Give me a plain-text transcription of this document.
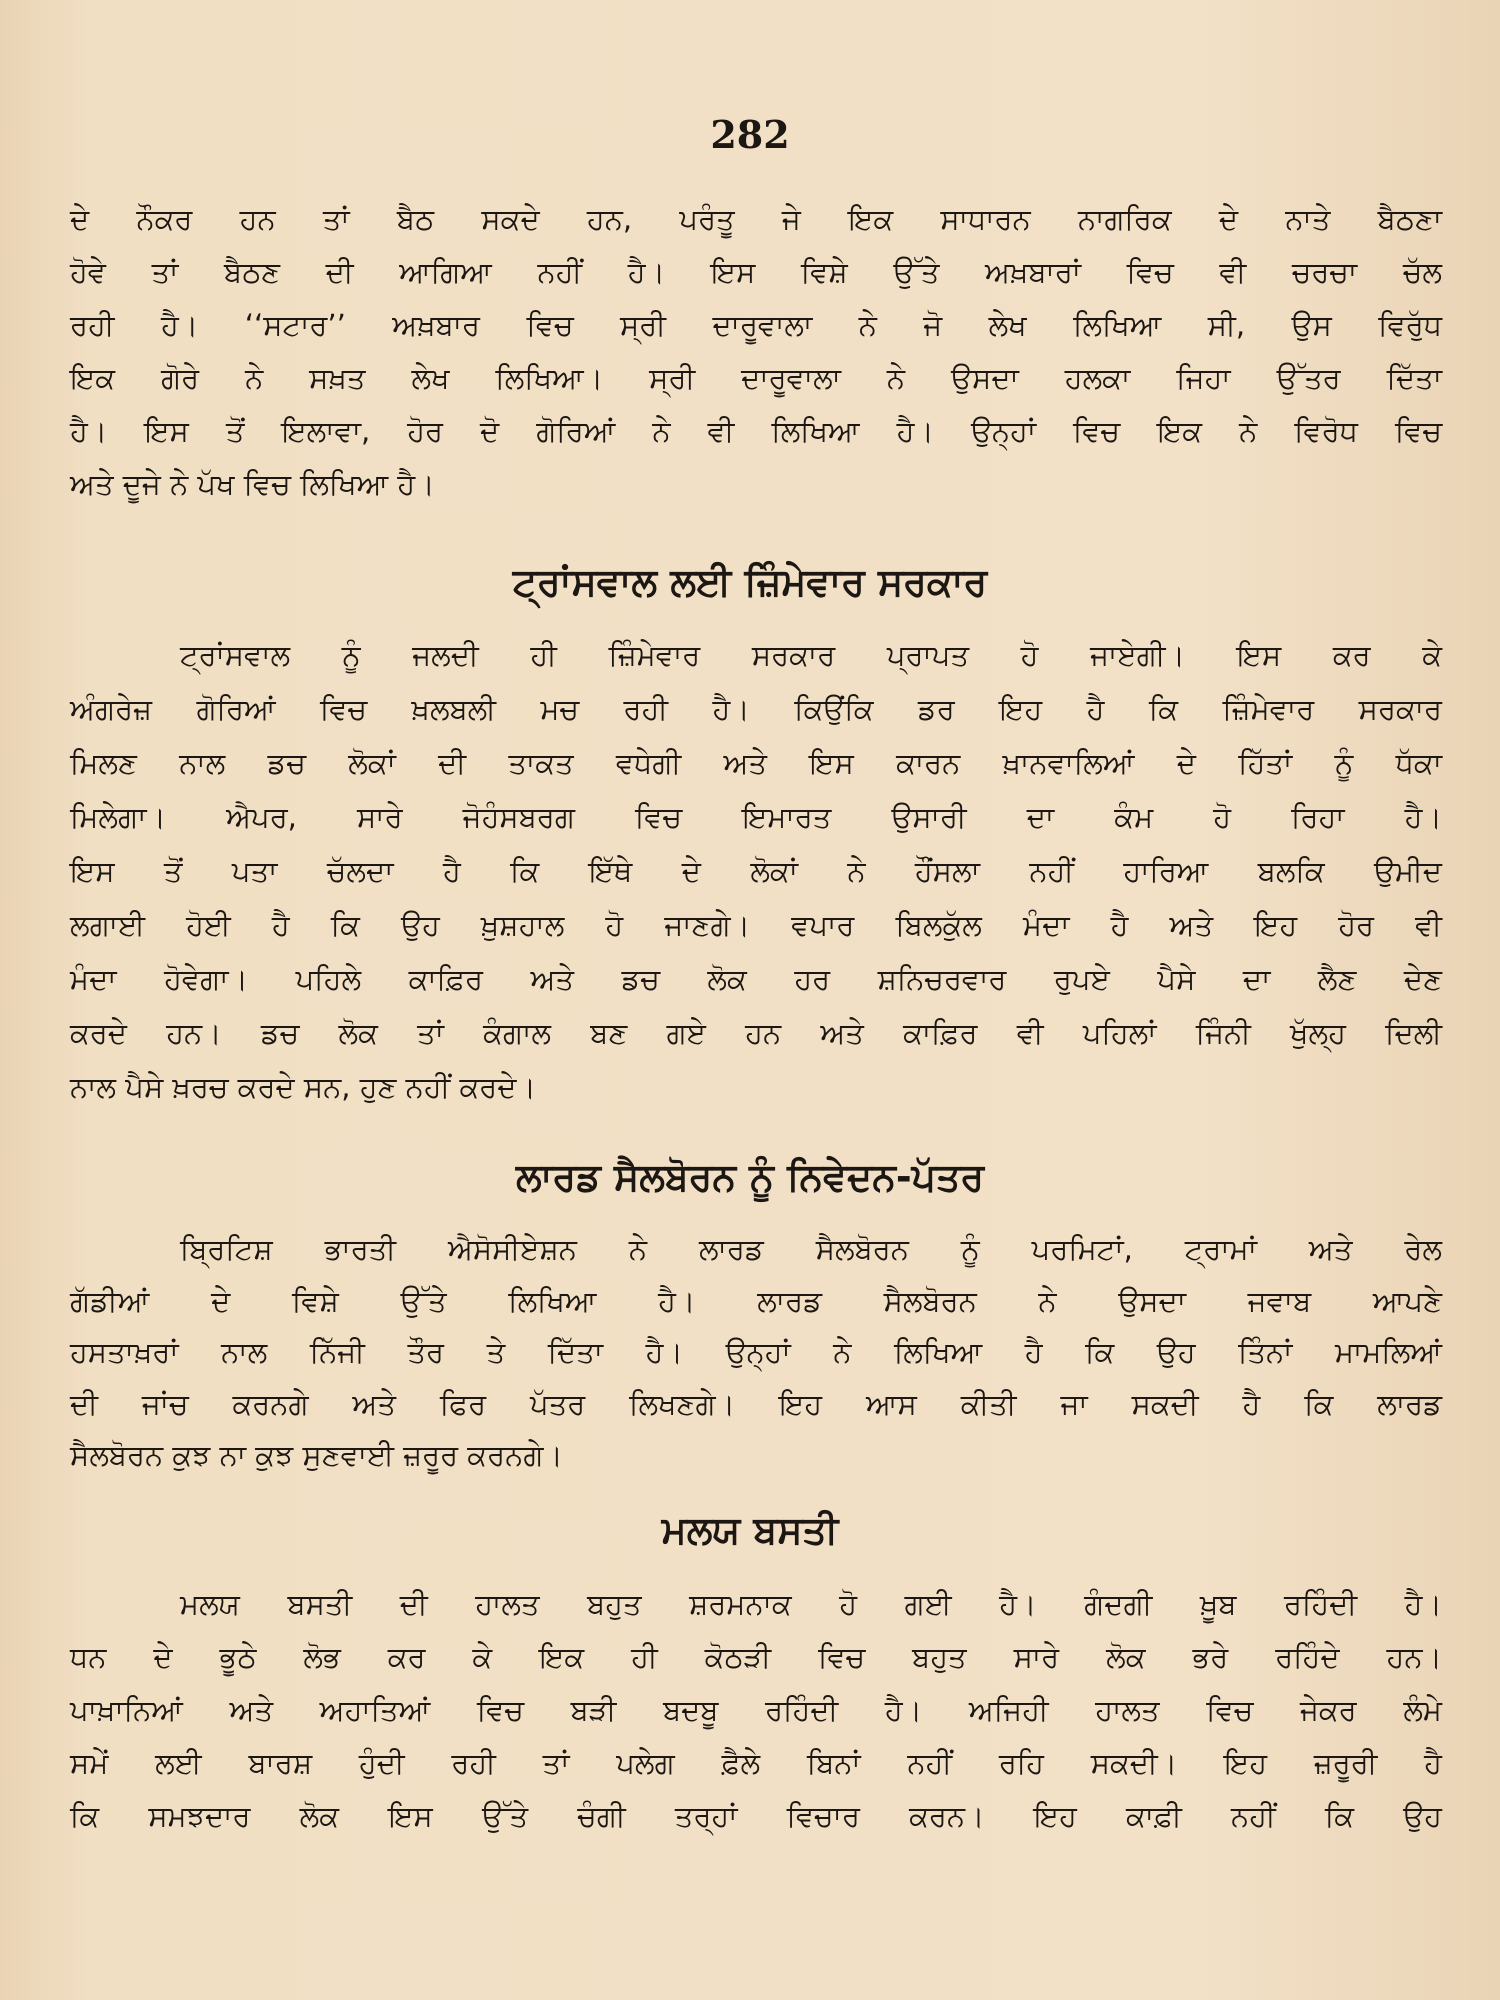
282
ਦੇ ਨੌਕਰ ਹਨ ਤਾਂ ਬੈਠ ਸਕਦੇ ਹਨ, ਪਰੰਤੂ ਜੇ ਇਕ ਸਾਧਾਰਨ ਨਾਗਰਿਕ ਦੇ ਨਾਤੇ ਬੈਠਣਾ
ਹੋਵੇ ਤਾਂ ਬੈਠਣ ਦੀ ਆਗਿਆ ਨਹੀਂ ਹੈ। ਇਸ ਵਿਸ਼ੇ ਉੱਤੇ ਅਖ਼ਬਾਰਾਂ ਵਿਚ ਵੀ ਚਰਚਾ ਚੱਲ
ਰਹੀ ਹੈ। ‘‘ਸਟਾਰ’’ ਅਖ਼ਬਾਰ ਵਿਚ ਸ੍ਰੀ ਦਾਰੂਵਾਲਾ ਨੇ ਜੋ ਲੇਖ ਲਿਖਿਆ ਸੀ, ਉਸ ਵਿਰੁੱਧ
ਇਕ ਗੋਰੇ ਨੇ ਸਖ਼ਤ ਲੇਖ ਲਿਖਿਆ। ਸ੍ਰੀ ਦਾਰੂਵਾਲਾ ਨੇ ਉਸਦਾ ਹਲਕਾ ਜਿਹਾ ਉੱਤਰ ਦਿੱਤਾ
ਹੈ। ਇਸ ਤੋਂ ਇਲਾਵਾ, ਹੋਰ ਦੋ ਗੋਰਿਆਂ ਨੇ ਵੀ ਲਿਖਿਆ ਹੈ। ਉਨ੍ਹਾਂ ਵਿਚ ਇਕ ਨੇ ਵਿਰੋਧ ਵਿਚ
ਅਤੇ ਦੂਜੇ ਨੇ ਪੱਖ ਵਿਚ ਲਿਖਿਆ ਹੈ।
ਟ੍ਰਾਂਸਵਾਲ ਲਈ ਜ਼ਿੰਮੇਵਾਰ ਸਰਕਾਰ
ਟ੍ਰਾਂਸਵਾਲ ਨੂੰ ਜਲਦੀ ਹੀ ਜ਼ਿੰਮੇਵਾਰ ਸਰਕਾਰ ਪ੍ਰਾਪਤ ਹੋ ਜਾਏਗੀ। ਇਸ ਕਰ ਕੇ
ਅੰਗਰੇਜ਼ ਗੋਰਿਆਂ ਵਿਚ ਖ਼ਲਬਲੀ ਮਚ ਰਹੀ ਹੈ। ਕਿਉਂਕਿ ਡਰ ਇਹ ਹੈ ਕਿ ਜ਼ਿੰਮੇਵਾਰ ਸਰਕਾਰ
ਮਿਲਣ ਨਾਲ ਡਚ ਲੋਕਾਂ ਦੀ ਤਾਕਤ ਵਧੇਗੀ ਅਤੇ ਇਸ ਕਾਰਨ ਖ਼ਾਨਵਾਲਿਆਂ ਦੇ ਹਿੱਤਾਂ ਨੂੰ ਧੱਕਾ
ਮਿਲੇਗਾ। ਐਪਰ, ਸਾਰੇ ਜੋਹੰਸਬਰਗ ਵਿਚ ਇਮਾਰਤ ਉਸਾਰੀ ਦਾ ਕੰਮ ਹੋ ਰਿਹਾ ਹੈ।
ਇਸ ਤੋਂ ਪਤਾ ਚੱਲਦਾ ਹੈ ਕਿ ਇੱਥੇ ਦੇ ਲੋਕਾਂ ਨੇ ਹੌਂਸਲਾ ਨਹੀਂ ਹਾਰਿਆ ਬਲਕਿ ਉਮੀਦ
ਲਗਾਈ ਹੋਈ ਹੈ ਕਿ ਉਹ ਖ਼ੁਸ਼ਹਾਲ ਹੋ ਜਾਣਗੇ। ਵਪਾਰ ਬਿਲਕੁੱਲ ਮੰਦਾ ਹੈ ਅਤੇ ਇਹ ਹੋਰ ਵੀ
ਮੰਦਾ ਹੋਵੇਗਾ। ਪਹਿਲੇ ਕਾਫ਼ਿਰ ਅਤੇ ਡਚ ਲੋਕ ਹਰ ਸ਼ਨਿਚਰਵਾਰ ਰੁਪਏ ਪੈਸੇ ਦਾ ਲੈਣ ਦੇਣ
ਕਰਦੇ ਹਨ। ਡਚ ਲੋਕ ਤਾਂ ਕੰਗਾਲ ਬਣ ਗਏ ਹਨ ਅਤੇ ਕਾਫ਼ਿਰ ਵੀ ਪਹਿਲਾਂ ਜਿੰਨੀ ਖੁੱਲ੍ਹ ਦਿਲੀ
ਨਾਲ ਪੈਸੇ ਖ਼ਰਚ ਕਰਦੇ ਸਨ, ਹੁਣ ਨਹੀਂ ਕਰਦੇ।
ਲਾਰਡ ਸੈਲਬੋਰਨ ਨੂੰ ਨਿਵੇਦਨ-ਪੱਤਰ
ਬ੍ਰਿਟਿਸ਼ ਭਾਰਤੀ ਐਸੋਸੀਏਸ਼ਨ ਨੇ ਲਾਰਡ ਸੈਲਬੋਰਨ ਨੂੰ ਪਰਮਿਟਾਂ, ਟ੍ਰਾਮਾਂ ਅਤੇ ਰੇਲ
ਗੱਡੀਆਂ ਦੇ ਵਿਸ਼ੇ ਉੱਤੇ ਲਿਖਿਆ ਹੈ। ਲਾਰਡ ਸੈਲਬੋਰਨ ਨੇ ਉਸਦਾ ਜਵਾਬ ਆਪਣੇ
ਹਸਤਾਖ਼ਰਾਂ ਨਾਲ ਨਿੱਜੀ ਤੌਰ ਤੇ ਦਿੱਤਾ ਹੈ। ਉਨ੍ਹਾਂ ਨੇ ਲਿਖਿਆ ਹੈ ਕਿ ਉਹ ਤਿੰਨਾਂ ਮਾਮਲਿਆਂ
ਦੀ ਜਾਂਚ ਕਰਨਗੇ ਅਤੇ ਫਿਰ ਪੱਤਰ ਲਿਖਣਗੇ। ਇਹ ਆਸ ਕੀਤੀ ਜਾ ਸਕਦੀ ਹੈ ਕਿ ਲਾਰਡ
ਸੈਲਬੋਰਨ ਕੁਝ ਨਾ ਕੁਝ ਸੁਣਵਾਈ ਜ਼ਰੂਰ ਕਰਨਗੇ।
ਮਲਯ ਬਸਤੀ
ਮਲਯ ਬਸਤੀ ਦੀ ਹਾਲਤ ਬਹੁਤ ਸ਼ਰਮਨਾਕ ਹੋ ਗਈ ਹੈ। ਗੰਦਗੀ ਖ਼ੂਬ ਰਹਿੰਦੀ ਹੈ।
ਧਨ ਦੇ ਭੂਠੇ ਲੋਭ ਕਰ ਕੇ ਇਕ ਹੀ ਕੋਠੜੀ ਵਿਚ ਬਹੁਤ ਸਾਰੇ ਲੋਕ ਭਰੇ ਰਹਿੰਦੇ ਹਨ।
ਪਾਖ਼ਾਨਿਆਂ ਅਤੇ ਅਹਾਤਿਆਂ ਵਿਚ ਬੜੀ ਬਦਬੂ ਰਹਿੰਦੀ ਹੈ। ਅਜਿਹੀ ਹਾਲਤ ਵਿਚ ਜੇਕਰ ਲੰਮੇ
ਸਮੇਂ ਲਈ ਬਾਰਸ਼ ਹੁੰਦੀ ਰਹੀ ਤਾਂ ਪਲੇਗ ਫ਼ੈਲੇ ਬਿਨਾਂ ਨਹੀਂ ਰਹਿ ਸਕਦੀ। ਇਹ ਜ਼ਰੂਰੀ ਹੈ
ਕਿ ਸਮਝਦਾਰ ਲੋਕ ਇਸ ਉੱਤੇ ਚੰਗੀ ਤਰ੍ਹਾਂ ਵਿਚਾਰ ਕਰਨ। ਇਹ ਕਾਫ਼ੀ ਨਹੀਂ ਕਿ ਉਹ
